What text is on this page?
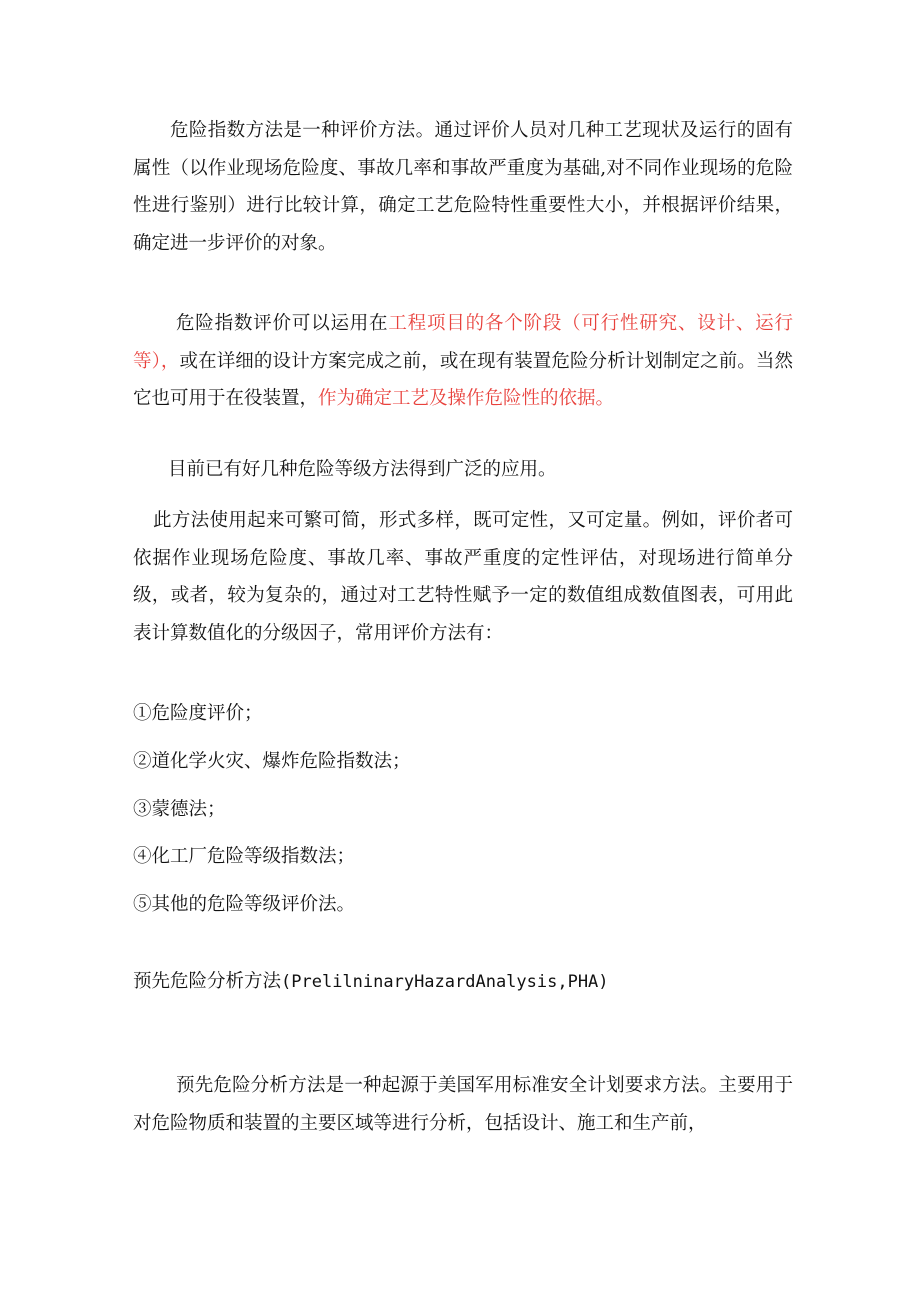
危险指数方法是一种评价方法。通过评价人员对几种工艺现状及运行的固有属性（以作业现场危险度、事故几率和事故严重度为基础,对不同作业现场的危险性进行鉴别）进行比较计算，确定工艺危险特性重要性大小，并根据评价结果，确定进一步评价的对象。

危险指数评价可以运用在工程项目的各个阶段（可行性研究、设计、运行等），或在详细的设计方案完成之前，或在现有装置危险分析计划制定之前。当然它也可用于在役装置，作为确定工艺及操作危险性的依据。

目前已有好几种危险等级方法得到广泛的应用。

此方法使用起来可繁可简，形式多样，既可定性，又可定量。例如，评价者可依据作业现场危险度、事故几率、事故严重度的定性评估，对现场进行简单分级，或者，较为复杂的，通过对工艺特性赋予一定的数值组成数值图表，可用此表计算数值化的分级因子，常用评价方法有：

①危险度评价；

②道化学火灾、爆炸危险指数法；

③蒙德法；

④化工厂危险等级指数法；

⑤其他的危险等级评价法。

预先危险分析方法(PrelilninaryHazardAnalysis,PHA)

预先危险分析方法是一种起源于美国军用标准安全计划要求方法。主要用于对危险物质和装置的主要区域等进行分析，包括设计、施工和生产前，
